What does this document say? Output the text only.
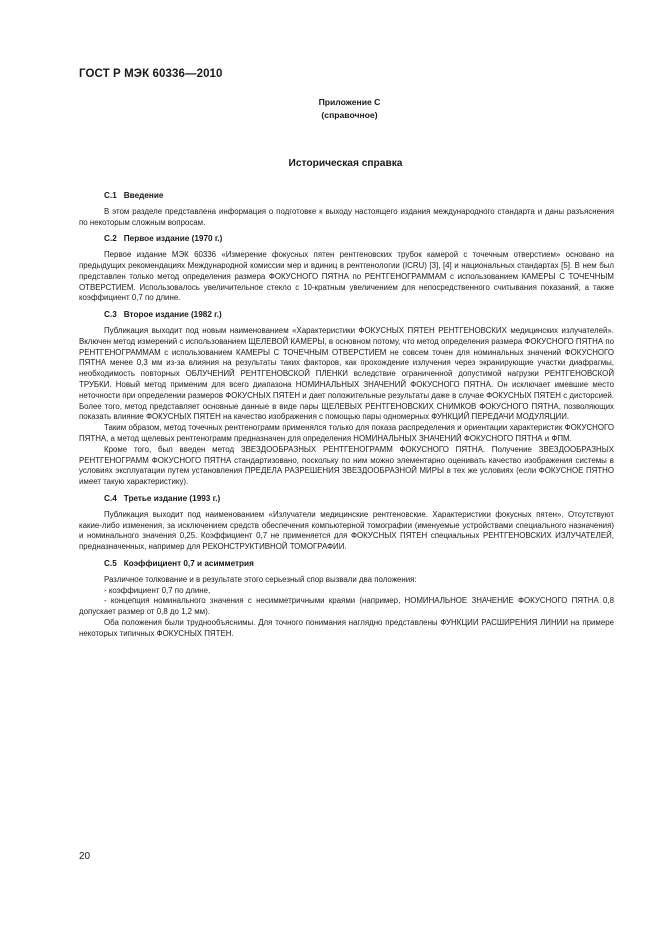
ГОСТ Р МЭК 60336—2010
Приложение С
(справочное)
Историческая справка
С.1 Введение

В этом разделе представлена информация о подготовке к выходу настоящего издания международного стандарта и даны разъяснения по некоторым сложным вопросам.

С.2 Первое издание (1970 г.)

Первое издание МЭК 60336 «Измерение фокусных пятен рентгеновских трубок камерой с точечным отверстием» основано на предыдущих рекомендациях Международной комиссии мер и вдиниц в рентгенологии (ICRU) [3], [4] и национальных стандартах [5]. В нем был представлен только метод определения размера ФОКУСНОГО ПЯТНА по РЕНТГЕНОГРАММАМ с использованием КАМЕРЫ С ТОЧЕЧНЫМ ОТВЕРСТИЕМ. Использовалось увеличительное стекло с 10-кратным увеличением для непосредственного считывания показаний, а также коэффициент 0,7 по длине.

С.3 Второе издание (1982 г.)

Публикация выходит под новым наименованием «Характеристики ФОКУСНЫХ ПЯТЕН РЕНТГЕНОВСКИХ медицинских излучателей». Включен метод измерений с использованием ЩЕЛЕВОЙ КАМЕРЫ, в основном потому, что метод определения размера ФОКУСНОГО ПЯТНА по РЕНТГЕНОГРАММАМ с использованием КАМЕРЫ С ТОЧЕЧНЫМ ОТВЕРСТИЕМ не совсем точен для номинальных значений ФОКУСНОГО ПЯТНА менее 0,3 мм из-за влияния на результаты таких факторов, как прохождение излучения через экранирующие участки диафрагмы, необходимость повторных ОБЛУЧЕНИЙ РЕНТГЕНОВСКОЙ ПЛЕНКИ вследствие ограниченной допустимой нагрузки РЕНТГЕНОВСКОЙ ТРУБКИ. Новый метод применим для всего диапазона НОМИНАЛЬНЫХ ЗНАЧЕНИЙ ФОКУСНОГО ПЯТНА. Он исключает имевшие место неточности при определении размеров ФОКУСНЫХ ПЯТЕН и дает положительные результаты даже в случае ФОКУСНЫХ ПЯТЕН с дисторсией. Более того, метод представляет основные данные в виде пары ЩЕЛЕВЫХ РЕНТГЕНОВСКИХ СНИМКОВ ФОКУСНОГО ПЯТНА, позволяющих показать влияние ФОКУСНЫХ ПЯТЕН на качество изображения с помощью пары одномерных ФУНКЦИЙ ПЕРЕДАЧИ МОДУЛЯЦИИ.

Таким образом, метод точечных рентгенограмм применялся только для показа распределения и ориентации характеристик ФОКУСНОГО ПЯТНА, а метод щелевых рентгенограмм предназначен для определения НОМИНАЛЬНЫХ ЗНАЧЕНИЙ ФОКУСНОГО ПЯТНА и ФПМ.

Кроме того, был введен метод ЗВЕЗДООБРАЗНЫХ РЕНТГЕНОГРАММ ФОКУСНОГО ПЯТНА. Получение ЗВЕЗДООБРАЗНЫХ РЕНТГЕНОГРАММ ФОКУСНОГО ПЯТНА стандартизовано, поскольку по ним можно элементарно оценивать качество изображения системы в условиях эксплуатации путем установления ПРЕДЕЛА РАЗРЕШЕНИЯ ЗВЕЗДООБРАЗНОЙ МИРЫ в тех же условиях (если ФОКУСНОЕ ПЯТНО имеет такую характеристику).

С.4 Третье издание (1993 г.)

Публикация выходит под наименованием «Излучатели медицинские рентгеновские. Характеристики фокусных пятен». Отсутствуют какие-либо изменения, за исключением средств обеспечения компьютерной томографии (именуемые устройствами специального назначения) и номинального значения 0,25. Коэффициент 0,7 не применяется для ФОКУСНЫХ ПЯТЕН специальных РЕНТГЕНОВСКИХ ИЗЛУЧАТЕЛЕЙ, предназначенных, например для РЕКОНСТРУКТИВНОЙ ТОМОГРАФИИ.

С.5 Коэффициент 0,7 и асимметрия

Различное толкование и в результате этого серьезный спор вызвали два положения:

- коэффициент 0,7 по длине,

- концепция номинального значения с несимметричными краями (например, НОМИНАЛЬНОЕ ЗНАЧЕНИЕ ФОКУСНОГО ПЯТНА 0,8 допускает размер от 0,8 до 1,2 мм).

Оба положения были труднообъяснимы. Для точного понимания наглядно представлены ФУНКЦИИ РАСШИРЕНИЯ ЛИНИИ на примере некоторых типичных ФОКУСНЫХ ПЯТЕН.

20
